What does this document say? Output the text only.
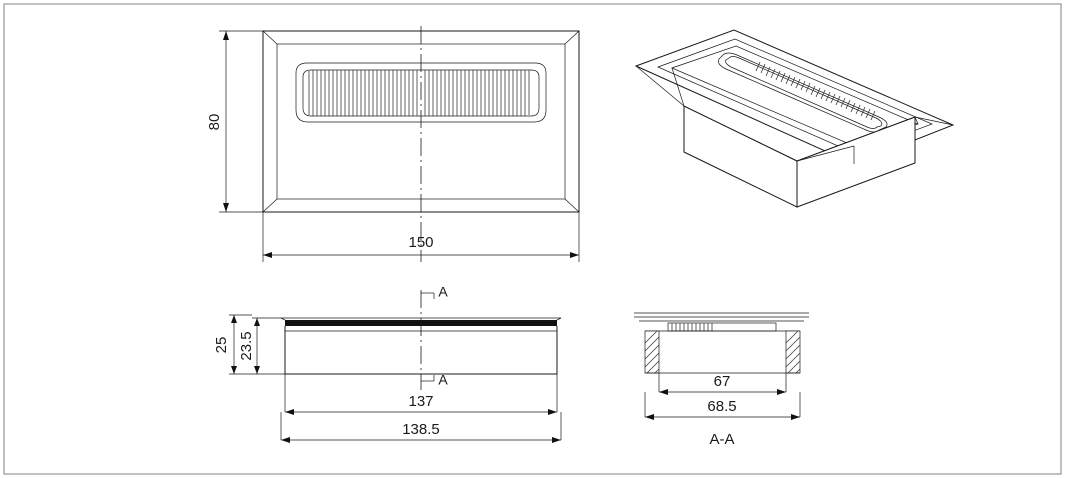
80
150
A
A
23.5
25
137
138.5
67
68.5
A-A
